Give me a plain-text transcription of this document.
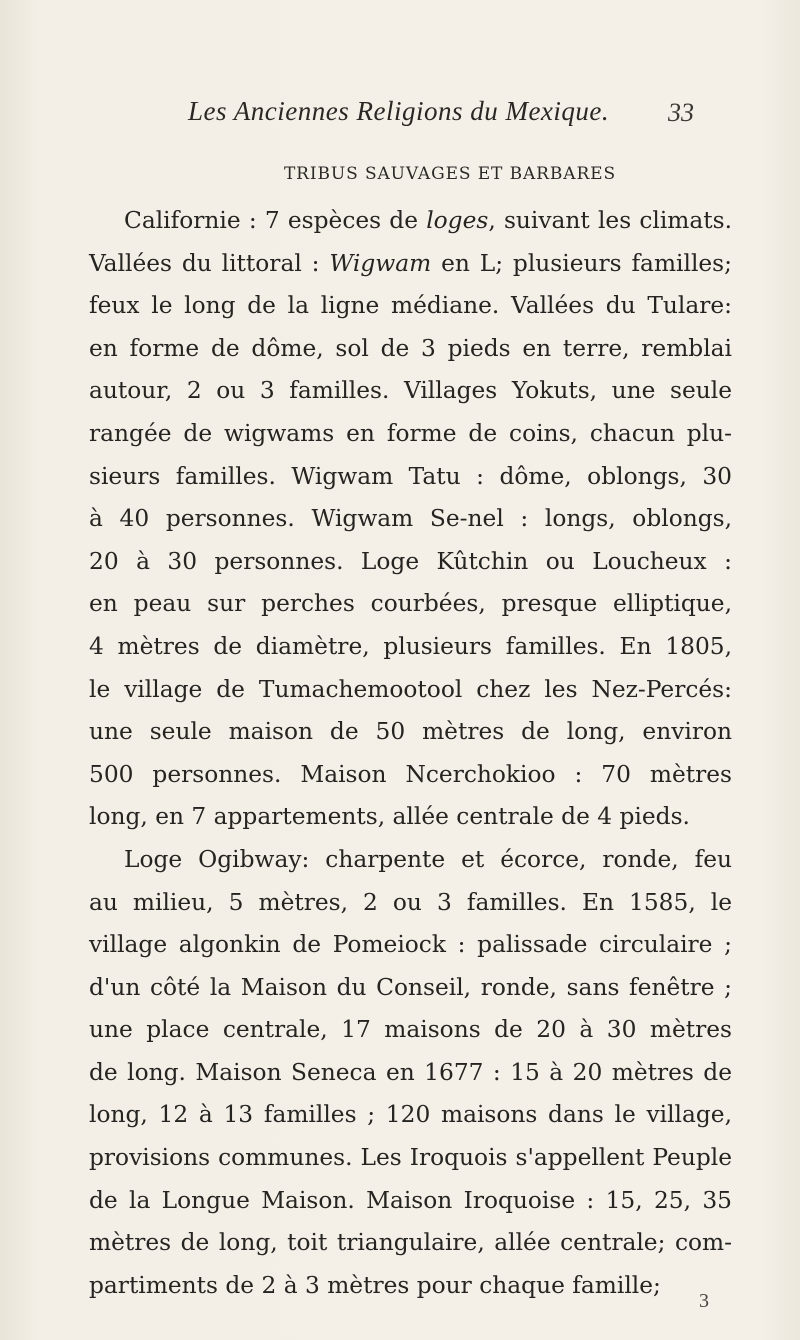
Les Anciennes Religions du Mexique. 33
TRIBUS SAUVAGES ET BARBARES
Californie : 7 espèces de loges, suivant les climats.
Vallées du littoral : Wigwam en L; plusieurs familles;
feux le long de la ligne médiane. Vallées du Tulare:
en forme de dôme, sol de 3 pieds en terre, remblai
autour, 2 ou 3 familles. Villages Yokuts, une seule
rangée de wigwams en forme de coins, chacun plu-
sieurs familles. Wigwam Tatu : dôme, oblongs, 30
à 40 personnes. Wigwam Se-nel : longs, oblongs,
20 à 30 personnes. Loge Kûtchin ou Loucheux :
en peau sur perches courbées, presque elliptique,
4 mètres de diamètre, plusieurs familles. En 1805,
le village de Tumachemootool chez les Nez-Percés:
une seule maison de 50 mètres de long, environ
500 personnes. Maison Ncerchokioo : 70 mètres
long, en 7 appartements, allée centrale de 4 pieds.
Loge Ogibway: charpente et écorce, ronde, feu
au milieu, 5 mètres, 2 ou 3 familles. En 1585, le
village algonkin de Pomeiock : palissade circulaire ;
d'un côté la Maison du Conseil, ronde, sans fenêtre ;
une place centrale, 17 maisons de 20 à 30 mètres
de long. Maison Seneca en 1677 : 15 à 20 mètres de
long, 12 à 13 familles ; 120 maisons dans le village,
provisions communes. Les Iroquois s'appellent Peuple
de la Longue Maison. Maison Iroquoise : 15, 25, 35
mètres de long, toit triangulaire, allée centrale; com-
partiments de 2 à 3 mètres pour chaque famille;
3
